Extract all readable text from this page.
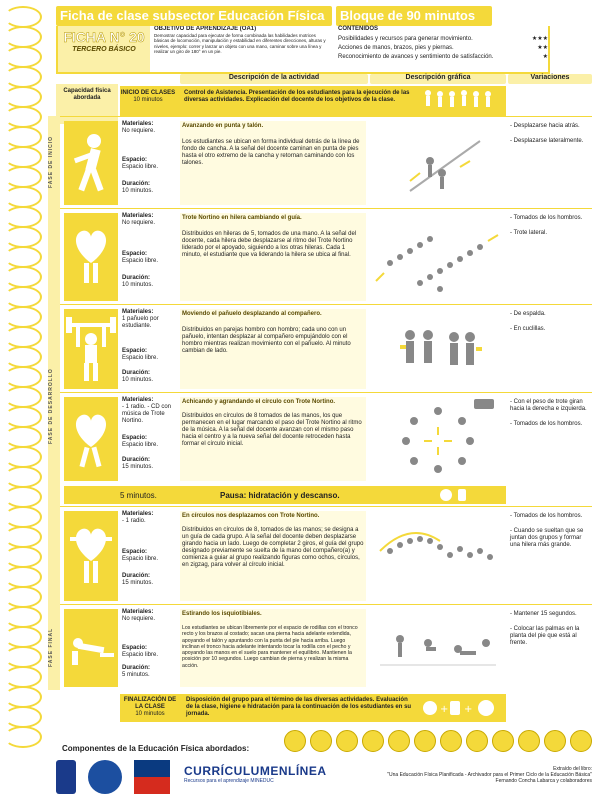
Ficha de clase subsector Educación Física	Bloque de 90 minutos
FICHA N° 20
TERCERO BÁSICO
OBJETIVO DE APRENDIZAJE (OA1)
Demostrar capacidad para ejecutar de forma combinada las habilidades motrices básicas de locomoción, manipulación y estabilidad en diferentes direcciones, alturas y niveles, ejemplo: correr y lanzar un objeto con una mano, caminar sobre una línea y realizar un giro de 180° en un pie.
CONTENIDOS
Posibilidades y recursos para generar movimiento.	★★★
Acciones de manos, brazos, pies y piernas.	★★
Reconocimiento de avances y sentimiento de satisfacción.	★
Capacidad física abordada
Descripción de la actividad	Descripción gráfica	Variaciones
INICIO DE CLASES
10 minutos
Control de Asistencia. Presentación de los estudiantes para la ejecución de las diversas actividades. Explicación del docente de los objetivos de la clase.
FASE DE INICIO
FASE DE DESARROLLO
FASE FINAL
Materiales:
No requiere.
Espacio:
Espacio libre.
Duración:
10 minutos.
Avanzando en punta y talón.
Los estudiantes se ubican en forma individual detrás de la línea de fondo de cancha. A la señal del docente caminan en punta de pies hasta el otro extremo de la cancha y retornan caminando con los talones.
- Desplazarse hacia atrás.
- Desplazarse lateralmente.
Materiales:
No requiere.
Espacio:
Espacio libre.
Duración:
10 minutos.
Trote Nortino en hilera cambiando el guía.
Distribuidos en hileras de 5, tomados de una mano. A la señal del docente, cada hilera debe desplazarse al ritmo del Trote Nortino liderado por el apoyado, siguiendo a los otras hileras. Cada 1 minuto, el estudiante que va liderando la hilera se ubica al final.
- Tomados de los hombros.
- Trote lateral.
Materiales:
1 pañuelo por estudiante.
Espacio:
Espacio libre.
Duración:
10 minutos.
Moviendo el pañuelo desplazando al compañero.
Distribuidos en parejas hombro con hombro; cada uno con un pañuelo, intentan desplazar al compañero empujándolo con el hombro mientras realizan movimiento con el pañuelo. Al minuto cambian de lado.
- De espalda.
- En cuclillas.
Materiales:
- 1 radio. - CD con música de Trote Nortino.
Espacio:
Espacio libre.
Duración:
15 minutos.
Achicando y agrandando el círculo con Trote Nortino.
Distribuidos en círculos de 8 tomados de las manos, los que permanecen en el lugar marcando el paso del Trote Nortino al ritmo de la música. A la señal del docente avanzan con el mismo paso hacia el centro y a la nueva señal del docente retroceden hasta formar el círculo inicial.
- Con el peso de trote giran hacia la derecha e izquierda.
- Tomados de los hombros.
5 minutos.	Pausa: hidratación y descanso.
Materiales:
- 1 radio.
Espacio:
Espacio libre.
Duración:
15 minutos.
En círculos nos desplazamos con Trote Nortino.
Distribuidos en círculos de 8, tomados de las manos; se designa a un guía de cada grupo. A la señal del docente deben desplazarse girando hacia un lado. Luego de completar 2 giros, el guía del grupo designado previamente se suelta de la mano del compañero(a) y comienza a guiar al grupo realizando figuras como ochos, círculos, en zigzag, para volver al círculo inicial.
- Tomados de los hombros.
- Cuando se sueltan que se juntan dos grupos y formar una hilera más grande.
Materiales:
No requiere.
Espacio:
Espacio libre.
Duración:
5 minutos.
Estirando los isquiotibiales.
Los estudiantes se ubican libremente por el espacio de rodillas con el tronco recto y los brazos al costado; sacan una pierna hacia adelante extendida, apoyando el talón y apuntando con la punta del pie hacia arriba. Luego inclinan el tronco hacia adelante intentando tocar la rodilla con el pecho y apoyando las manos en el suelo para mantener el equilibrio. Mantienen la posición por 10 segundos. Luego cambian de pierna y realizan la misma acción.
- Mantener 15 segundos.
- Colocar las palmas en la planta del pie que está al frente.
FINALIZACIÓN DE LA CLASE
10 minutos
Disposición del grupo para el término de las diversas actividades. Evaluación de la clase, higiene e hidratación para la continuación de los estudiantes en su jornada.	+ +
Componentes de la Educación Física abordados:
CURRÍCULUMENLÍNEA
Recursos para el aprendizaje MINEDUC
Extraído del libro:
"Una Educación Física Planificada - Archivador para el Primer Ciclo de la Educación Básica"
Fernando Concha Labarca y colaboradores
